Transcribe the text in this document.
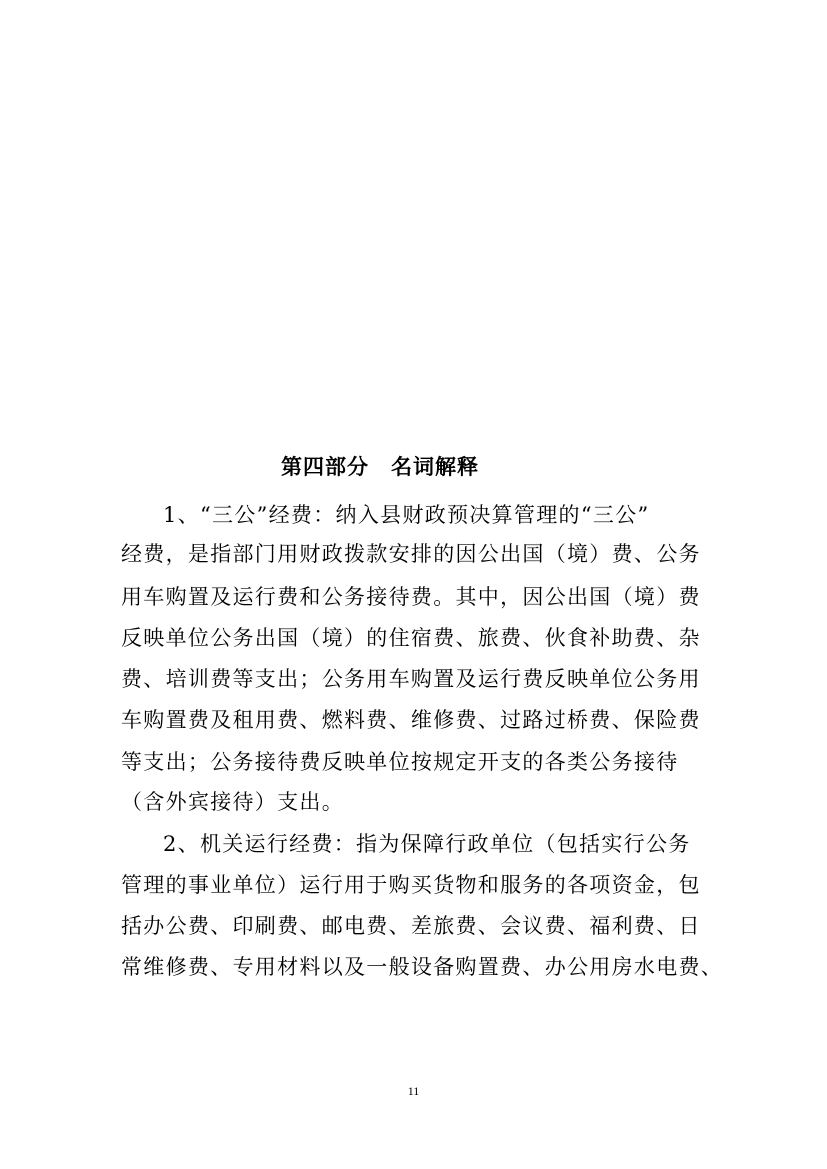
第四部分　名词解释
1、“三公”经费：纳入县财政预决算管理的“三公”
经费，是指部门用财政拨款安排的因公出国（境）费、公务
用车购置及运行费和公务接待费。其中，因公出国（境）费
反映单位公务出国（境）的住宿费、旅费、伙食补助费、杂
费、培训费等支出；公务用车购置及运行费反映单位公务用
车购置费及租用费、燃料费、维修费、过路过桥费、保险费
等支出；公务接待费反映单位按规定开支的各类公务接待
（含外宾接待）支出。
2、机关运行经费：指为保障行政单位（包括实行公务
管理的事业单位）运行用于购买货物和服务的各项资金，包
括办公费、印刷费、邮电费、差旅费、会议费、福利费、日
常维修费、专用材料以及一般设备购置费、办公用房水电费、
11
